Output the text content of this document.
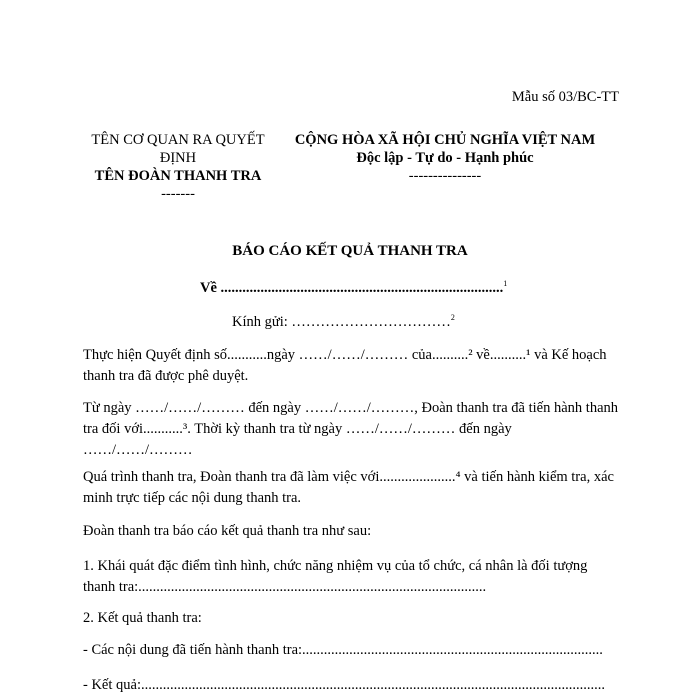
Mẫu số 03/BC-TT
TÊN CƠ QUAN RA QUYẾT ĐỊNH
TÊN ĐOÀN THANH TRA
-------
CỘNG HÒA XÃ HỘI CHỦ NGHĨA VIỆT NAM
Độc lập - Tự do - Hạnh phúc
---------------
BÁO CÁO KẾT QUẢ THANH TRA
Về ..............................................................................$^1$
Kính gửi: ……………………………$^2$
Thực hiện Quyết định số...........ngày ……/……/……… của..........² về..........¹ và Kế hoạch thanh tra đã được phê duyệt.
Từ ngày ……/……/……… đến ngày ……/……/………, Đoàn thanh tra đã tiến hành thanh tra đối với...........³. Thời kỳ thanh tra từ ngày ……/……/……… đến ngày ……/……/………
Quá trình thanh tra, Đoàn thanh tra đã làm việc với.....................⁴ và tiến hành kiểm tra, xác minh trực tiếp các nội dung thanh tra.
Đoàn thanh tra báo cáo kết quả thanh tra như sau:
1. Khái quát đặc điểm tình hình, chức năng nhiệm vụ của tổ chức, cá nhân là đối tượng thanh tra:................................................................................................
2. Kết quả thanh tra:
- Các nội dung đã tiến hành thanh tra:...................................................................................
- Kết quả:................................................................................................................................
